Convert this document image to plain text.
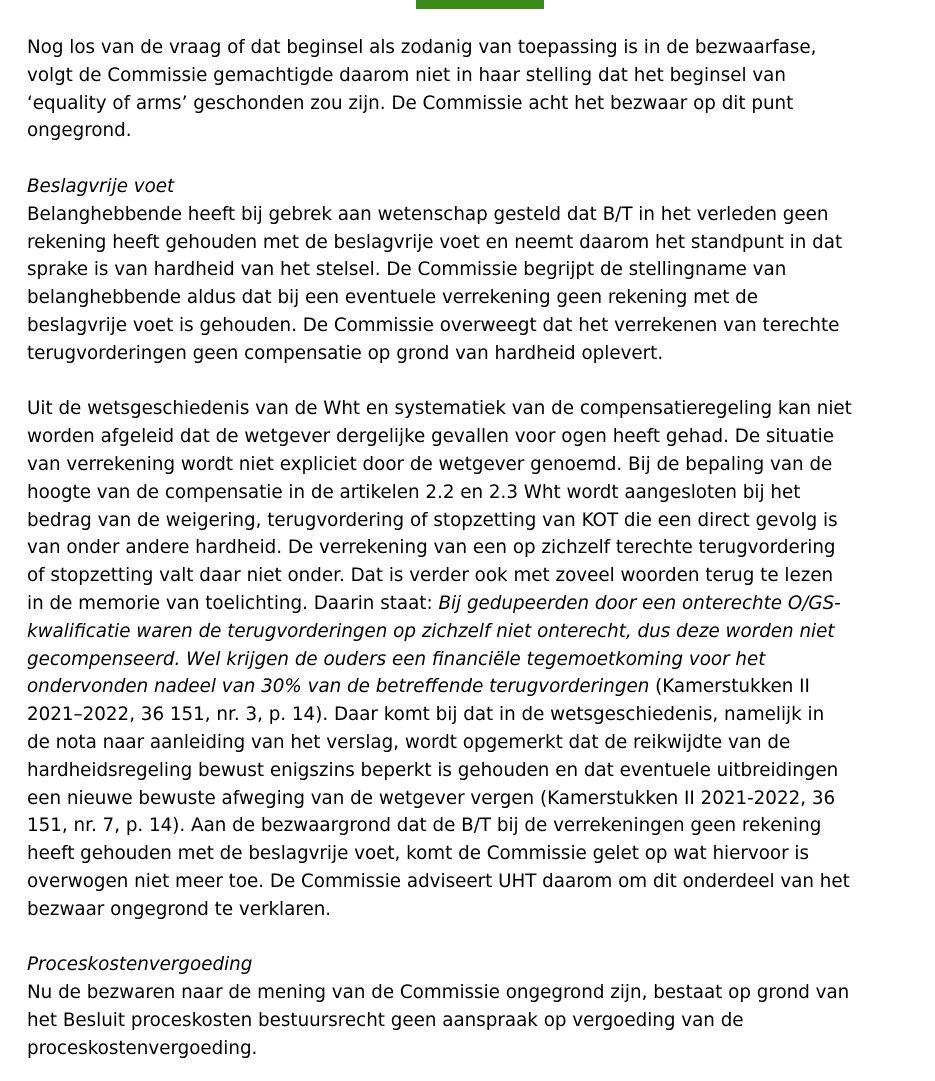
Nog los van de vraag of dat beginsel als zodanig van toepassing is in de bezwaarfase,
volgt de Commissie gemachtigde daarom niet in haar stelling dat het beginsel van
‘equality of arms’ geschonden zou zijn. De Commissie acht het bezwaar op dit punt
ongegrond.
Beslagvrije voet
Belanghebbende heeft bij gebrek aan wetenschap gesteld dat B/T in het verleden geen
rekening heeft gehouden met de beslagvrije voet en neemt daarom het standpunt in dat
sprake is van hardheid van het stelsel. De Commissie begrijpt de stellingname van
belanghebbende aldus dat bij een eventuele verrekening geen rekening met de
beslagvrije voet is gehouden. De Commissie overweegt dat het verrekenen van terechte
terugvorderingen geen compensatie op grond van hardheid oplevert.
Uit de wetsgeschiedenis van de Wht en systematiek van de compensatieregeling kan niet
worden afgeleid dat de wetgever dergelijke gevallen voor ogen heeft gehad. De situatie
van verrekening wordt niet expliciet door de wetgever genoemd. Bij de bepaling van de
hoogte van de compensatie in de artikelen 2.2 en 2.3 Wht wordt aangesloten bij het
bedrag van de weigering, terugvordering of stopzetting van KOT die een direct gevolg is
van onder andere hardheid. De verrekening van een op zichzelf terechte terugvordering
of stopzetting valt daar niet onder. Dat is verder ook met zoveel woorden terug te lezen
in de memorie van toelichting. Daarin staat: Bij gedupeerden door een onterechte O/GS-
kwalificatie waren de terugvorderingen op zichzelf niet onterecht, dus deze worden niet
gecompenseerd. Wel krijgen de ouders een financiële tegemoetkoming voor het
ondervonden nadeel van 30% van de betreffende terugvorderingen (Kamerstukken II
2021–2022, 36 151, nr. 3, p. 14). Daar komt bij dat in de wetsgeschiedenis, namelijk in
de nota naar aanleiding van het verslag, wordt opgemerkt dat de reikwijdte van de
hardheidsregeling bewust enigszins beperkt is gehouden en dat eventuele uitbreidingen
een nieuwe bewuste afweging van de wetgever vergen (Kamerstukken II 2021-2022, 36
151, nr. 7, p. 14). Aan de bezwaargrond dat de B/T bij de verrekeningen geen rekening
heeft gehouden met de beslagvrije voet, komt de Commissie gelet op wat hiervoor is
overwogen niet meer toe. De Commissie adviseert UHT daarom om dit onderdeel van het
bezwaar ongegrond te verklaren.
Proceskostenvergoeding
Nu de bezwaren naar de mening van de Commissie ongegrond zijn, bestaat op grond van
het Besluit proceskosten bestuursrecht geen aanspraak op vergoeding van de
proceskostenvergoeding.
